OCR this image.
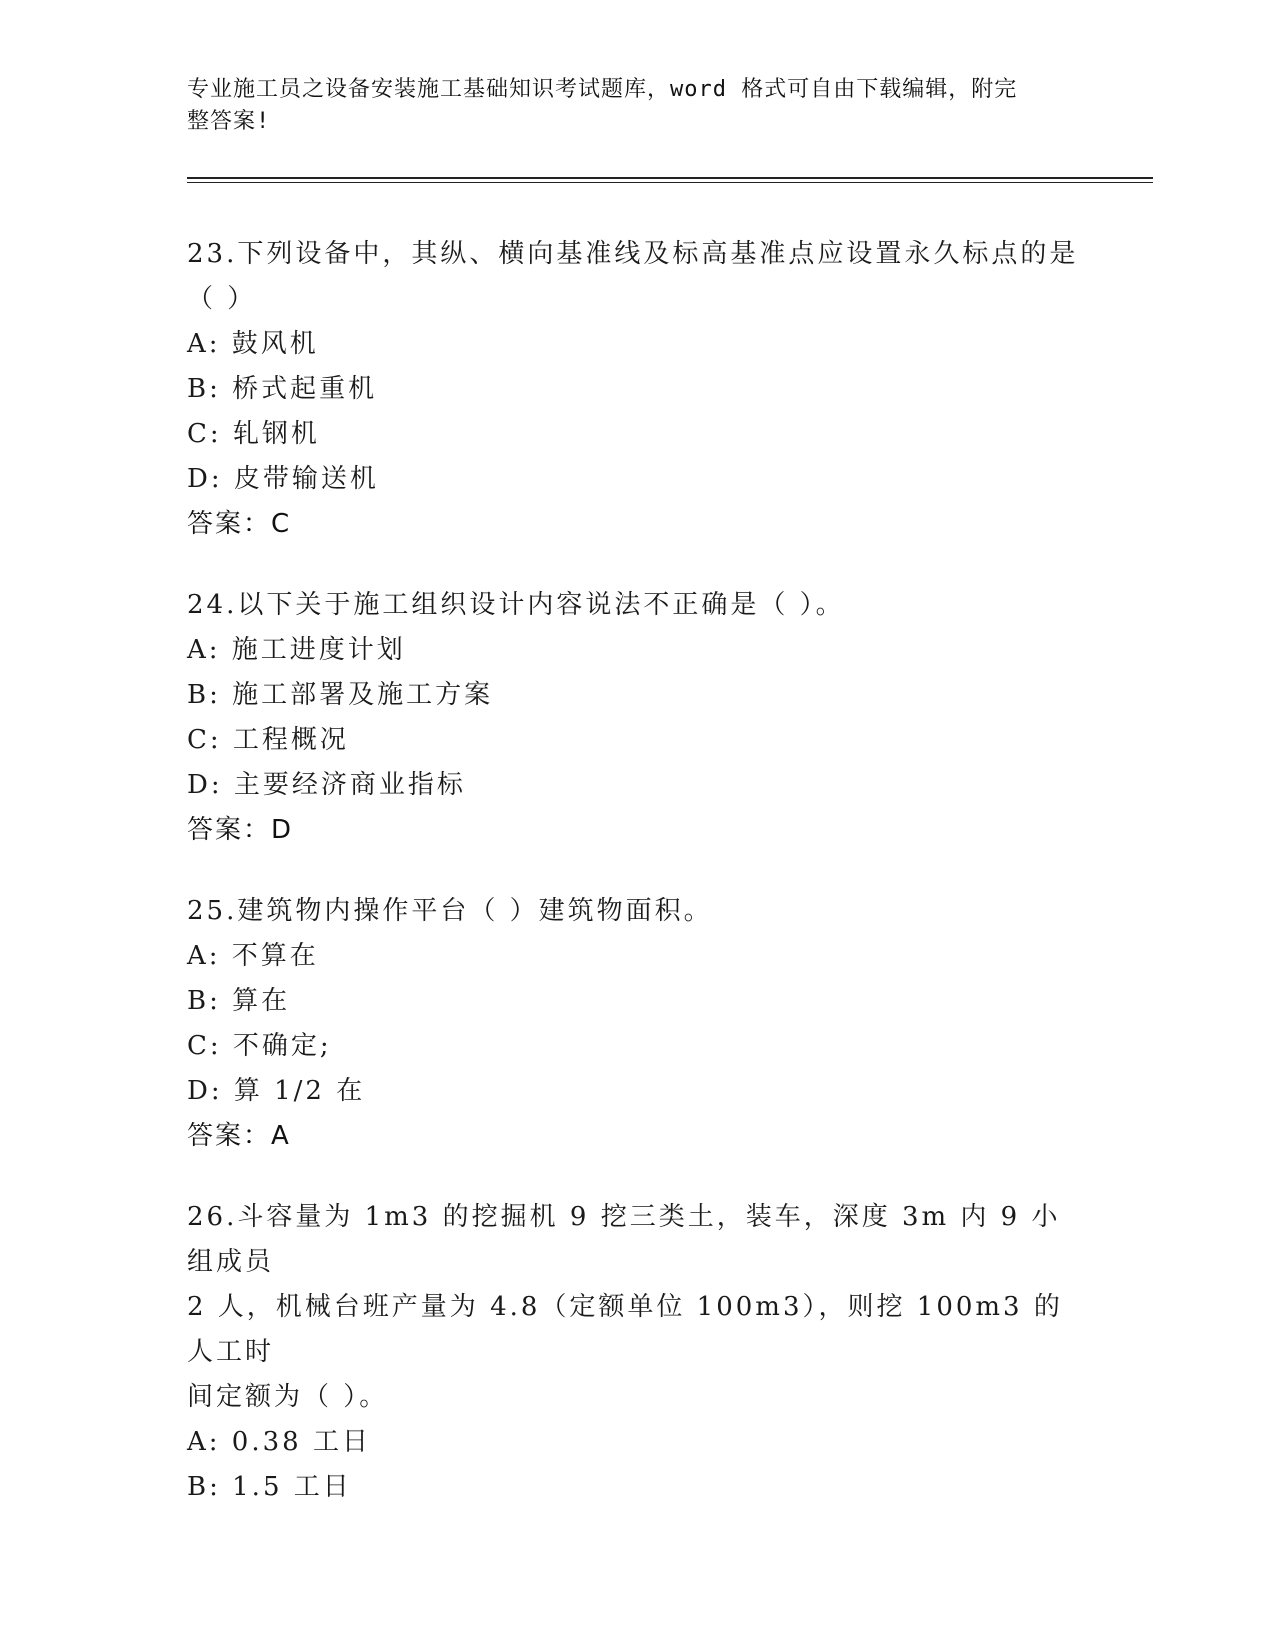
专业施工员之设备安装施工基础知识考试题库，word 格式可自由下载编辑，附完
整答案!

23.下列设备中，其纵、横向基准线及标高基准点应设置永久标点的是

（ ）

A: 鼓风机

B: 桥式起重机

C: 轧钢机

D: 皮带输送机

答案：C

24.以下关于施工组织设计内容说法不正确是（ ）。

A: 施工进度计划

B: 施工部署及施工方案

C: 工程概况

D: 主要经济商业指标

答案：D

25.建筑物内操作平台（ ）建筑物面积。

A: 不算在

B: 算在

C: 不确定;

D: 算 1/2 在

答案：A

26.斗容量为 1m3 的挖掘机 9 挖三类土，装车，深度 3m 内 9 小组成员

2 人，机械台班产量为 4.8（定额单位 100m3），则挖 100m3 的人工时

间定额为（ ）。

A: 0.38 工日

B: 1.5 工日
